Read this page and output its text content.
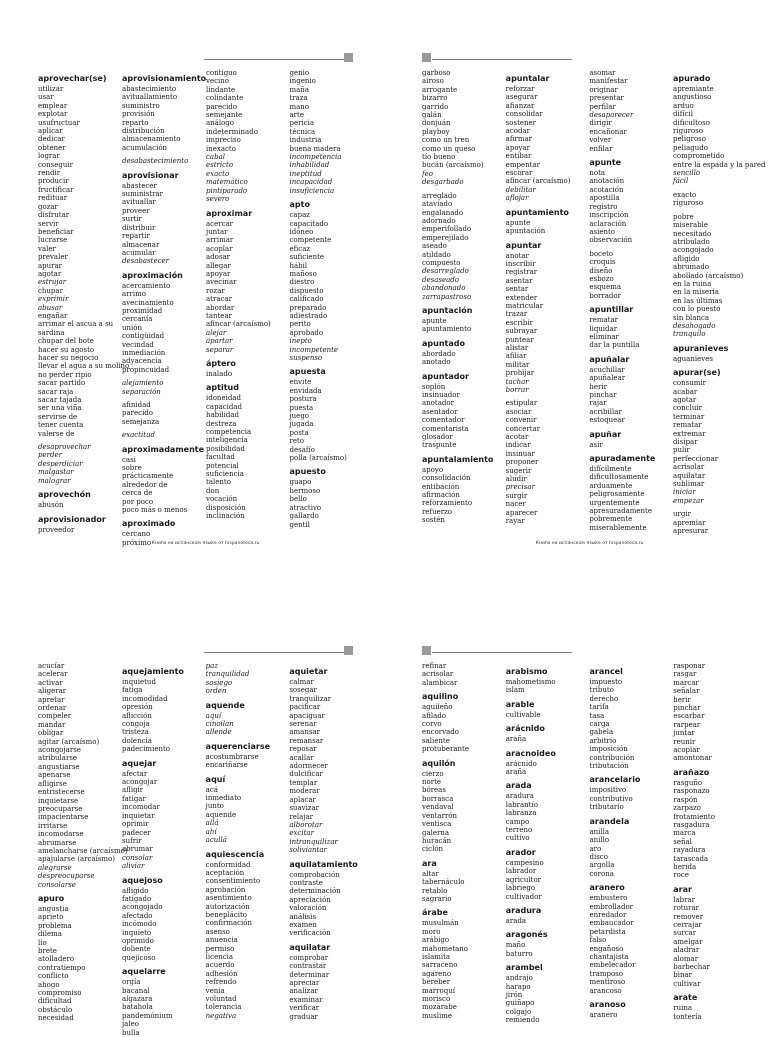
aprovechar(se)
utilizar
usar
emplear
explotar
usufructuar
aplicar
dedicar
obtener
lograr
conseguir
rendir
producir
fructificar
redituar
gozar
disfrutar
servir
beneficiar
lucrarse
valer
prevaler
apurar
agotar
estrujar
chupar
exprimir
abusar
engañar
arrimar el ascua a su
sardina
chupar del bote
hacer su agosto
hacer su negocio
llevar el agua a su molino
no perder ripio
sacar partido
sacar raja
sacar tajada
ser una viña
servirse de
tener cuenta
valerse de
desaprovechar
perder
desperdiciar
malgastar
malograr
aprovechón
abusón
aprovisionador
proveedor
aprovisionamiento
abastecimiento
avituallamiento
suministro
provisión
reparto
distribución
almacenamiento
acumulación
desabastecimiento
aprovisionar
abastecer
suministrar
avituallar
proveer
surtir
distribuir
repartir
almacenar
acumular
desabastecer
aproximación
acercamiento
arrimo
avecinamiento
proximidad
cercanía
unión
contigüidad
vecindad
inmediación
adyacencia
propincuidad
alejamiento
separación
afinidad
parecido
semejanza
exactitud
aproximadamente
casi
sobre
prácticamente
alrededor de
cerca de
por poco
poco más o menos
aproximado
cercano
próximo
contiguo
vecino
lindante
colindante
parecido
semejante
análogo
indeterminado
impreciso
inexacto
cabal
estricto
exacto
matemático
pintiparado
severo
aproximar
acercar
juntar
arrimar
acoplar
adosar
allegar
apoyar
avecinar
rozar
atracar
abordar
tantear
afincar (arcaísmo)
alejar
apartar
separar
áptero
inalado
aptitud
idoneidad
capacidad
habilidad
destreza
competencia
inteligencia
posibilidad
facultad
potencial
suficiencia
talento
don
vocación
disposición
inclinación
genio
ingenio
maña
traza
mano
arte
pericia
técnica
industria
buena madera
incompetencia
inhabilidad
ineptitud
incapacidad
insuficiencia
apto
capaz
capacitado
idóneo
competente
eficaz
suficiente
hábil
mañoso
diestro
dispuesto
calificado
preparado
adiestrado
perito
aprobado
inepto
incompetente
suspenso
apuesta
envite
envidada
postura
puesta
juego
jugada
posta
reto
desafío
polla (arcaísmo)
apuesto
guapo
hermoso
bello
atractivo
gallardo
gentil
Книги на испанском языке от hispanoteca.ru
garboso
airoso
arrogante
bizarro
garrido
galán
donjuán
playboy
como un tren
como un queso
tío bueno
bucán (arcaísmo)
feo
desgarbado
arreglado
ataviado
engalanado
adornado
emperifollado
emperejilado
aseado
atildado
compuesto
desarreglado
desaseado
abandonado
zarrapastroso
apuntación
apunte
apuntamiento
apuntado
abordado
anotado
apuntador
soplón
insinuador
anotador
asentador
comentador
comentarista
glosador
traspunte
apuntalamiento
apoyo
consolidación
entibación
afirmación
reforzamiento
refuerzo
sostén
apuntalar
reforzar
asegurar
afianzar
consolidar
sostener
acodar
afirmar
apoyar
entibar
empentar
escorar
afincar (arcaísmo)
debilitar
aflojar
apuntamiento
apunte
apuntación
apuntar
anotar
inscribir
registrar
asentar
sentar
extender
matricular
trazar
escribir
subrayar
puntear
alistar
afiliar
militar
prohijar
tachar
borrar
estipular
asociar
convenir
concertar
acotar
indicar
insinuar
proponer
sugerir
aludir
precisar
surgir
nacer
aparecer
rayar
asomar
manifestar
originar
presentar
perfilar
desaparecer
dirigir
encañonar
volver
enfilar
apunte
nota
anotación
acotación
apostilla
registro
inscripción
aclaración
asiento
observación
boceto
croquis
diseño
esbozo
esquema
borrador
apuntillar
rematar
liquidar
eliminar
dar la puntilla
apuñalar
acuchillar
apuñalear
herir
pinchar
rajar
acribillar
estoquear
apuñar
asir
apuradamente
difícilmente
dificultosamente
arduamente
peligrosamente
urgentemente
apresuradamente
pobremente
miserablemente
apurado
apremiante
angustioso
arduo
difícil
dificultoso
riguroso
peligroso
peliagudo
comprometido
entre la espada y la pared
sencillo
fácil
exacto
riguroso
pobre
miserable
necesitado
atribulado
acongojado
afligido
abrumado
abollado (arcaísmo)
en la ruina
en la miseria
en las últimas
con lo puesto
sin blanca
desahogado
tranquilo
apuranieves
aguanieves
apurar(se)
consumir
acabar
agotar
concluir
terminar
rematar
extremar
disipar
pulir
perfeccionar
acrisolar
aquilatar
sublimar
iniciar
empezar
urgir
apremiar
apresurar
Книги на испанском языке от hispanoteca.ru
acucíar
acelerar
activar
aligerar
apretar
ordenar
compeler
mandar
obligar
agitar (arcaísmo)
acongojarse
atribularse
angustiarse
apenarse
afligirse
entristecerse
inquietarse
preocuparse
impacientarse
irritarse
incomodarse
abrumarse
amelancharse (arcaísmo)
apajularse (arcaísmo)
alegrarse
despreocuparse
consolarse
apuro
angustia
aprieto
problema
dilema
lío
brete
atolladero
contratiempo
conflicto
ahogo
compromiso
dificultad
obstáculo
necesidad
aquejamiento
inquietud
fatiga
incomodidad
opresión
aflicción
congoja
tristeza
dolencia
padecimiento
aquejar
afectar
acongojar
afligir
fatigar
incomodar
inquietar
oprimir
padecer
sufrir
abrumar
consolar
aliviar
aquejoso
afligido
fatigado
acongojado
afectado
incómodo
inquieto
oprimido
doliente
quejicoso
aquelarre
orgía
bacanal
algazara
batahola
pandemónium
jaleo
bulla
paz
tranquilidad
sosiego
orden
aquende
aquí
cinoilan
allende
aquerenciarse
acostumbrarse
encariñarse
aquí
acá
inmediato
junto
aquende
allá
ahí
acullá
aquiescencia
conformidad
aceptación
consentimiento
aprobación
asentimiento
autorización
beneplácito
confirmación
asenso
anuencia
permiso
licencia
acuerdo
adhesión
refrendo
venia
voluntad
tolerancia
negativa
aquietar
calmar
sosegar
tranquilizar
pacificar
apaciguar
serenar
amansar
remansar
reposar
acallar
adormecer
dulcificar
templar
moderar
aplacar
suavizar
relajar
alborotar
excitar
intranquilizar
soliviantar
aquilatamiento
comprobación
contraste
determinación
apreciación
valoración
análisis
examen
verificación
aquilatar
comprobar
contrastar
determinar
apreciar
analizar
examinar
verificar
graduar
refinar
acrisolar
alambicar
aquilino
aguileño
afilado
corvo
encorvado
saliente
protuberante
aquilón
cierzo
norte
bóreas
borrasca
vendaval
ventarrón
ventisca
galerna
huracán
ciclón
ara
altar
tabernáculo
retablo
sagrario
árabe
musulmán
moro
arábigo
mahometano
islamita
sarraceno
agareno
bereber
marroquí
morisco
mozárabe
muslime
arabismo
mahometismo
islam
arable
cultivable
arácnido
araña
aracnoideo
arácnido
araña
arada
aradura
labrantío
labranza
campo
terreno
cultivo
arador
campesino
labrador
agricultor
labriego
cultivador
aradura
arada
aragonés
maño
baturro
arambel
andrajo
harapo
jirón
guiñapo
colgajo
remiendo
arancel
impuesto
tributo
derecho
tarifa
tasa
carga
gabela
arbitrio
imposición
contribución
tributación
arancelario
impositivo
contributivo
tributario
arandela
anilla
anillo
aro
disco
argolla
corona
aranero
embustero
embrollador
enredador
embaucador
petardista
falso
engañoso
chantajista
embelecador
tramposo
mentiroso
arancoso
aranoso
aranero
rasponar
rasgar
marcar
señalar
herir
pinchar
escarbar
rarpear
juntar
reunir
acopiar
amontonar
arañazo
rasguño
rasponazo
raspón
zarpazo
frotamiento
rasgadura
marca
señal
rayadura
tarascada
herida
roce
arar
labrar
roturar
remover
cerrajar
surcar
amelgar
aladrar
alomar
barbechar
binar
cultivar
arate
ruina
tontería
